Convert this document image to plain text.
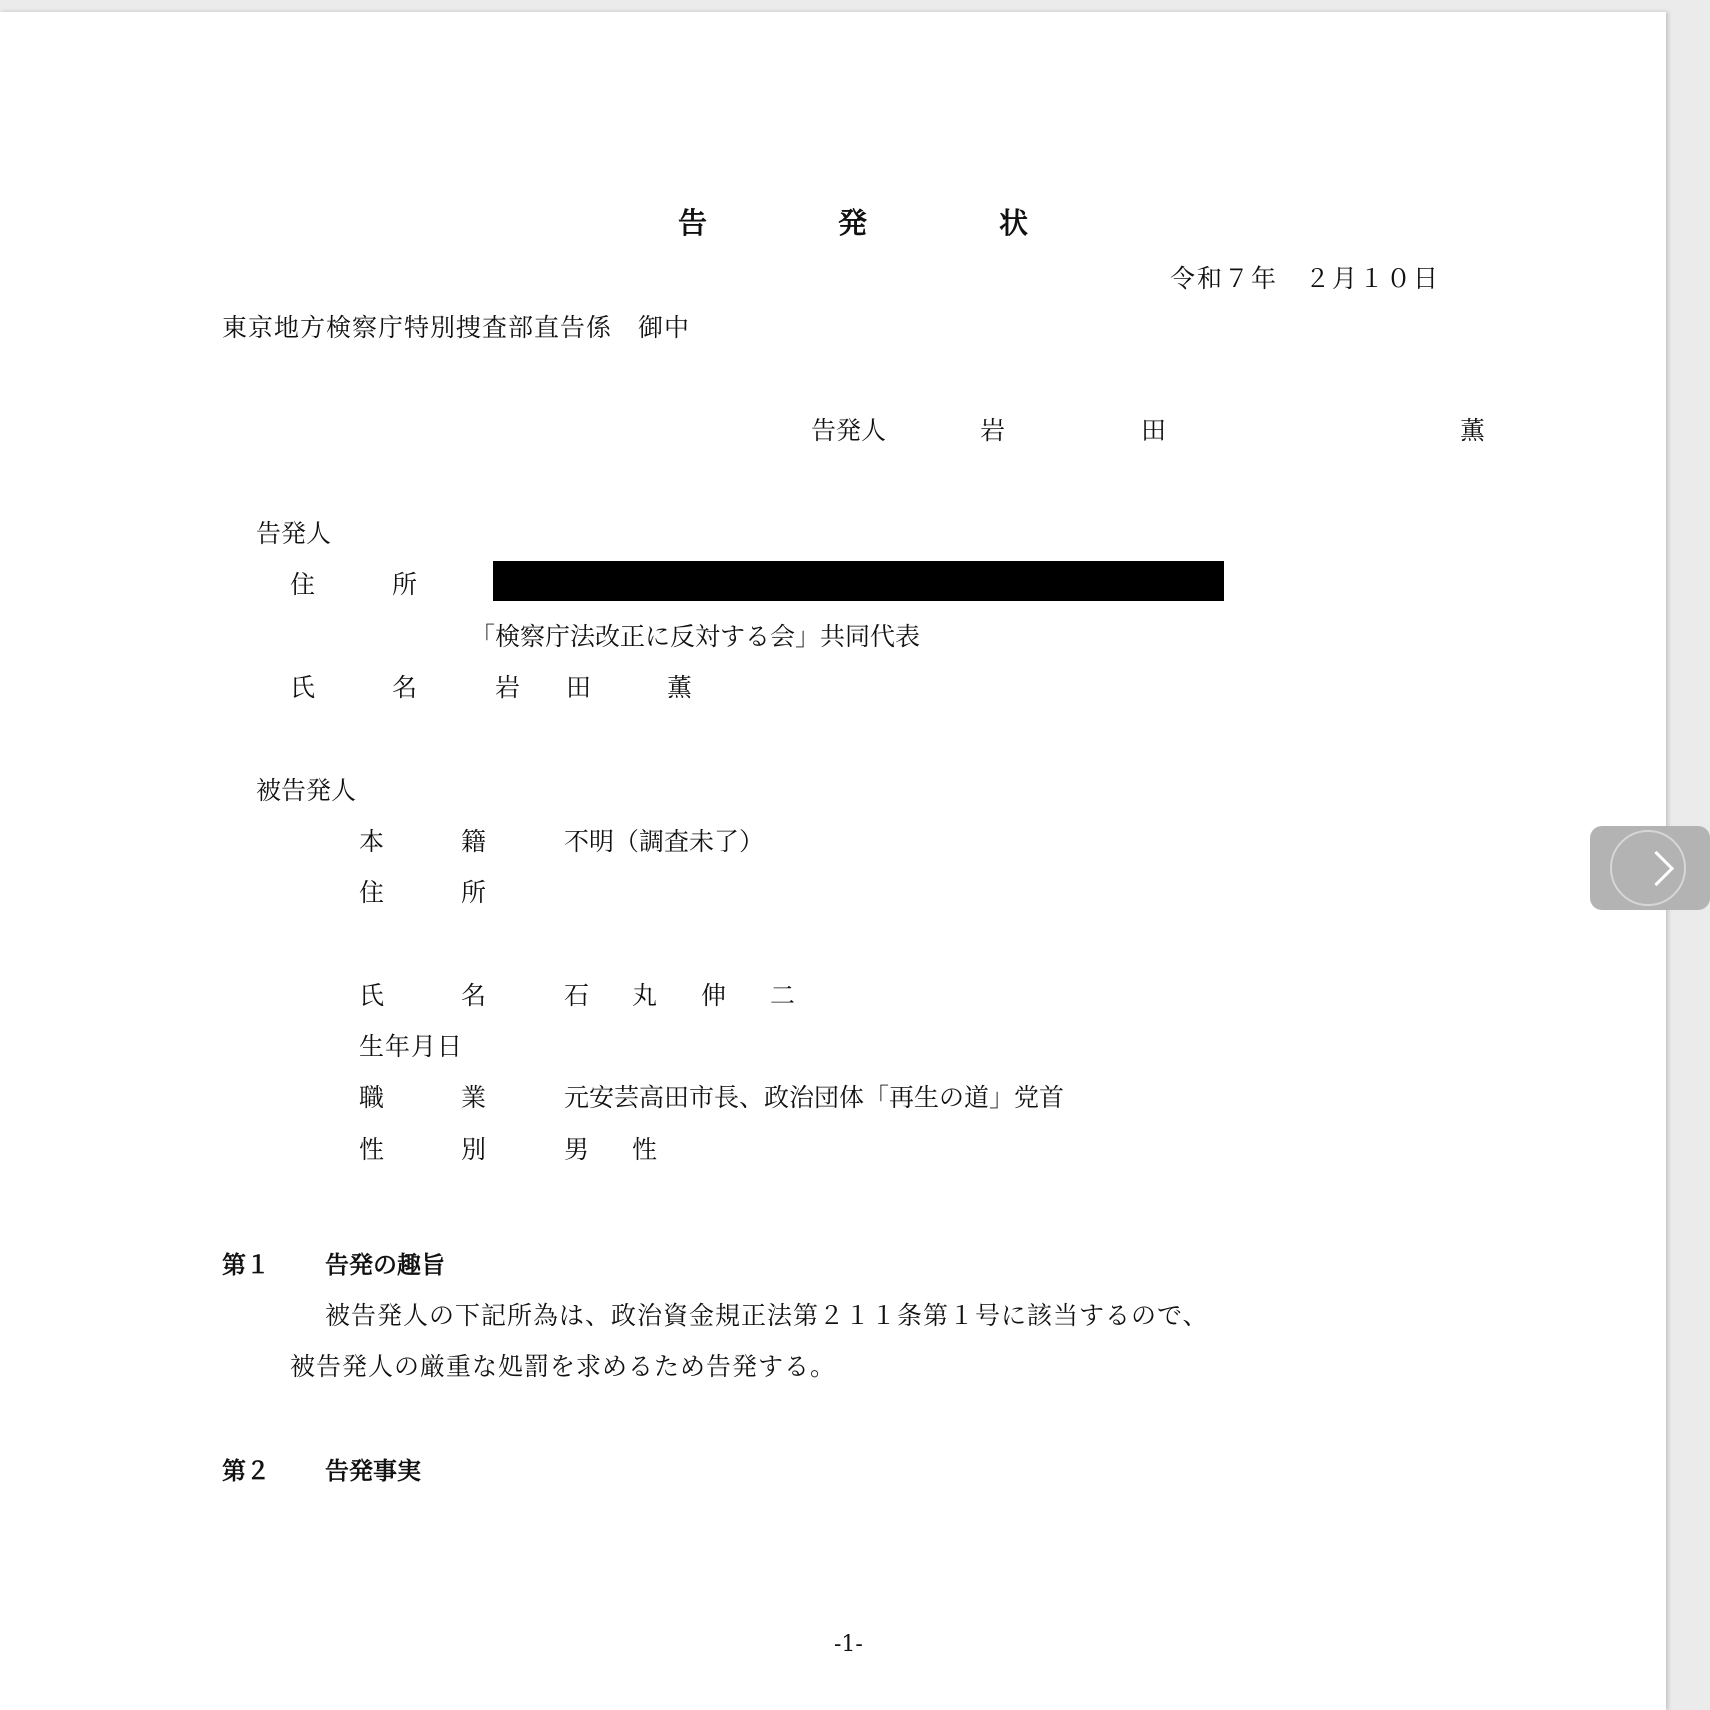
告	発	状
令和７年　２月１０日
東京地方検察庁特別捜査部直告係　御中
告発人	岩	田	薫
告発人
住	所
「検察庁法改正に反対する会」共同代表
氏	名	岩 田	薫
被告発人
本	籍	不明（調査未了）
住	所
氏	名	石 丸 伸 二
生年月日
職	業	元安芸高田市長、政治団体「再生の道」党首
性	別	男 性
第１ 告発の趣旨
被告発人の下記所為は、政治資金規正法第２１１条第１号に該当するので、
被告発人の厳重な処罰を求めるため告発する。
第２ 告発事実
-1-
